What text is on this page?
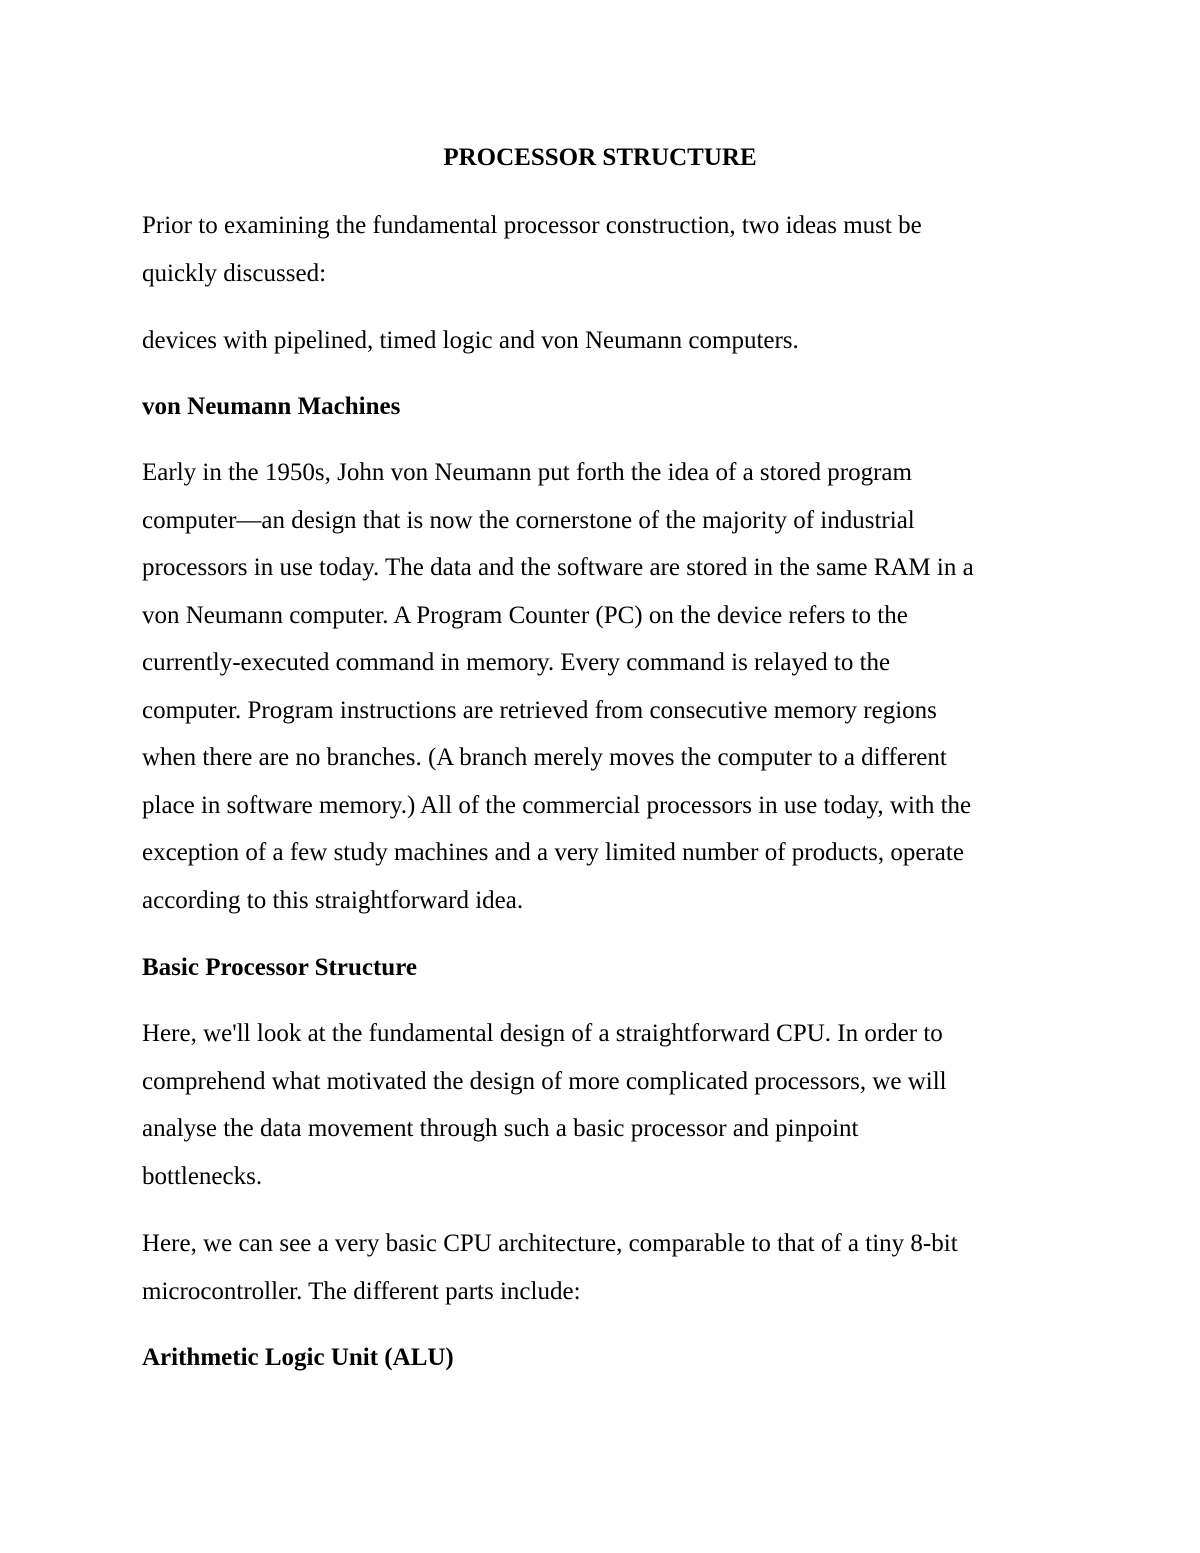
PROCESSOR STRUCTURE

Prior to examining the fundamental processor construction, two ideas must be
quickly discussed:

devices with pipelined, timed logic and von Neumann computers.

von Neumann Machines

Early in the 1950s, John von Neumann put forth the idea of a stored program
computer—an design that is now the cornerstone of the majority of industrial
processors in use today. The data and the software are stored in the same RAM in a
von Neumann computer. A Program Counter (PC) on the device refers to the
currently-executed command in memory. Every command is relayed to the
computer. Program instructions are retrieved from consecutive memory regions
when there are no branches. (A branch merely moves the computer to a different
place in software memory.) All of the commercial processors in use today, with the
exception of a few study machines and a very limited number of products, operate
according to this straightforward idea.

Basic Processor Structure

Here, we'll look at the fundamental design of a straightforward CPU. In order to
comprehend what motivated the design of more complicated processors, we will
analyse the data movement through such a basic processor and pinpoint
bottlenecks.

Here, we can see a very basic CPU architecture, comparable to that of a tiny 8-bit
microcontroller. The different parts include:

Arithmetic Logic Unit (ALU)
